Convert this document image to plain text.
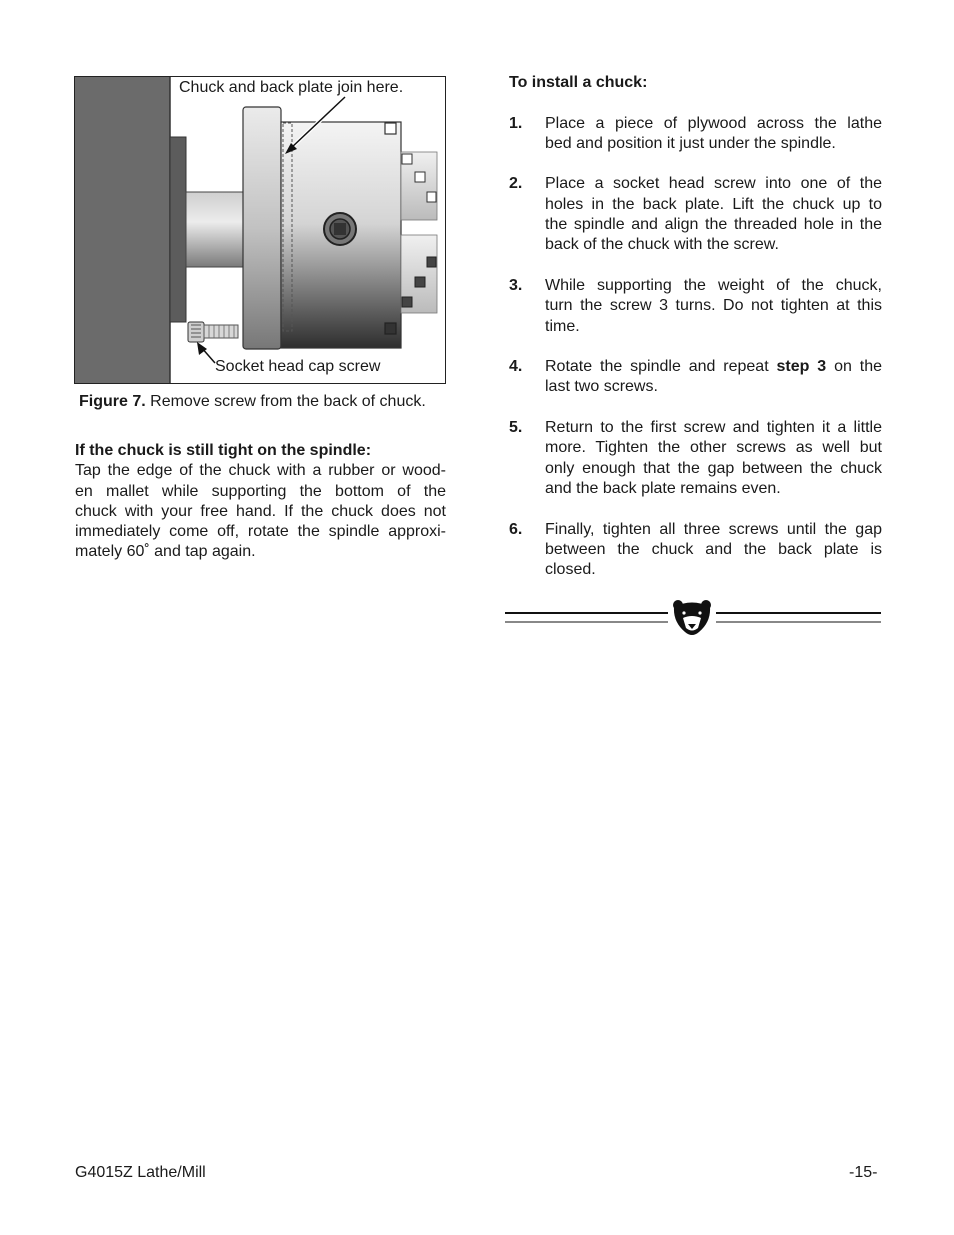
Chuck and back plate join here.
Socket head cap screw
Figure 7. Remove screw from the back of chuck.

If the chuck is still tight on the spindle:

Tap the edge of the chuck with a rubber or wood-
en mallet while supporting the bottom of the
chuck with your free hand. If the chuck does not
immediately come off, rotate the spindle approxi-
mately 60˚ and tap again.

To install a chuck:

1. Place a piece of plywood across the lathe
bed and position it just under the spindle.
2. Place a socket head screw into one of the
holes in the back plate. Lift the chuck up to
the spindle and align the threaded hole in the
back of the chuck with the screw.
3. While supporting the weight of the chuck,
turn the screw 3 turns. Do not tighten at this
time.
4. Rotate the spindle and repeat step 3 on the
last two screws.
5. Return to the first screw and tighten it a little
more. Tighten the other screws as well but
only enough that the gap between the chuck
and the back plate remains even.
6. Finally, tighten all three screws until the gap
between the chuck and the back plate is
closed.
G4015Z Lathe/Mill	-15-
